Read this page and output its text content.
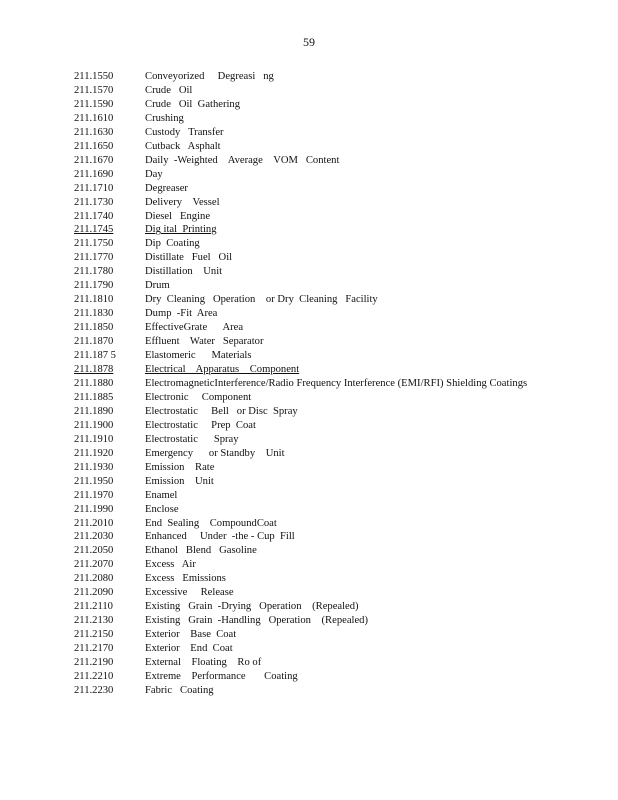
59
211.1550	Conveyorized     Degreasi   ng
211.1570	Crude   Oil
211.1590	Crude   Oil  Gathering
211.1610	Crushing
211.1630	Custody   Transfer
211.1650	Cutback   Asphalt
211.1670	Daily  -Weighted    Average    VOM   Content
211.1690	Day
211.1710	Degreaser
211.1730	Delivery    Vessel
211.1740	Diesel   Engine
211.1745	Dig ital  Printing
211.1750	Dip  Coating
211.1770	Distillate   Fuel   Oil
211.1780	Distillation    Unit
211.1790	Drum
211.1810	Dry  Cleaning   Operation    or Dry  Cleaning   Facility
211.1830	Dump  -Fit  Area
211.1850	EffectiveGrate      Area
211.1870	Effluent    Water   Separator
211.187 5	Elastomeric      Materials
211.1878	Electrical    Apparatus    Component
211.1880	ElectromagneticInterference/Radio Frequency Interference (EMI/RFI) Shielding Coatings
211.1885	Electronic     Component
211.1890	Electrostatic     Bell   or Disc  Spray
211.1900	Electrostatic     Prep  Coat
211.1910	Electrostatic      Spray
211.1920	Emergency      or Standby    Unit
211.1930	Emission    Rate
211.1950	Emission    Unit
211.1970	Enamel
211.1990	Enclose
211.2010	End  Sealing    CompoundCoat
211.2030	Enhanced     Under  -the - Cup  Fill
211.2050	Ethanol   Blend   Gasoline
211.2070	Excess   Air
211.2080	Excess   Emissions
211.2090	Excessive     Release
211.2110	Existing   Grain  -Drying   Operation    (Repealed)
211.2130	Existing   Grain  -Handling   Operation    (Repealed)
211.2150	Exterior    Base  Coat
211.2170	Exterior    End  Coat
211.2190	External    Floating    Ro of
211.2210	Extreme    Performance       Coating
211.2230	Fabric   Coating
